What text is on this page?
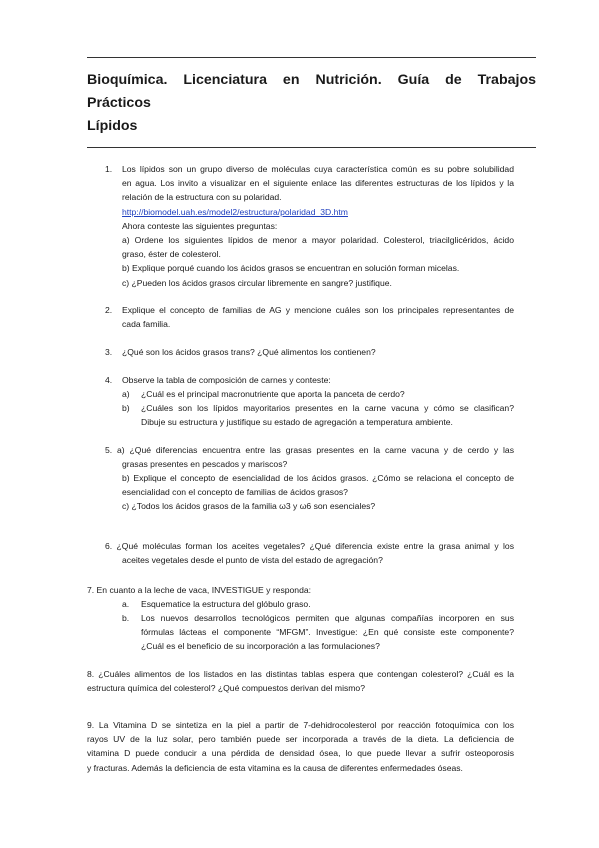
Bioquímica. Licenciatura en Nutrición. Guía de Trabajos
Prácticos
Lípidos
1. Los lípidos son un grupo diverso de moléculas cuya característica común es su pobre solubilidad
en agua. Los invito a visualizar en el siguiente enlace las diferentes estructuras de los lípidos y la
relación de la estructura con su polaridad.
http://biomodel.uah.es/model2/estructura/polaridad_3D.htm
Ahora conteste las siguientes preguntas:
a) Ordene los siguientes lípidos de menor a mayor polaridad. Colesterol, triacilglicéridos, ácido
graso, éster de colesterol.
b) Explique porqué cuando los ácidos grasos se encuentran en solución forman micelas.
c) ¿Pueden los ácidos grasos circular libremente en sangre? justifique.
2. Explique el concepto de familias de AG y mencione cuáles son los principales representantes de
cada familia.
3. ¿Qué son los ácidos grasos trans? ¿Qué alimentos los contienen?
4. Observe la tabla de composición de carnes y conteste:
a) ¿Cuál es el principal macronutriente que aporta la panceta de cerdo?
b) ¿Cuáles son los lípidos mayoritarios presentes en la carne vacuna y cómo se clasifican?
Dibuje su estructura y justifique su estado de agregación a temperatura ambiente.
5. a) ¿Qué diferencias encuentra entre las grasas presentes en la carne vacuna y de cerdo y las
grasas presentes en pescados y mariscos?
b) Explique el concepto de esencialidad de los ácidos grasos. ¿Cómo se relaciona el concepto de
esencialidad con el concepto de familias de ácidos grasos?
c) ¿Todos los ácidos grasos de la familia ω3 y ω6 son esenciales?
6. ¿Qué moléculas forman los aceites vegetales? ¿Qué diferencia existe entre la grasa animal y los
aceites vegetales desde el punto de vista del estado de agregación?
7. En cuanto a la leche de vaca, INVESTIGUE y responda:
a. Esquematice la estructura del glóbulo graso.
b. Los nuevos desarrollos tecnológicos permiten que algunas compañías incorporen en sus
fórmulas lácteas el componente “MFGM”. Investigue: ¿En qué consiste este componente?
¿Cuál es el beneficio de su incorporación a las formulaciones?
8. ¿Cuáles alimentos de los listados en las distintas tablas espera que contengan colesterol? ¿Cuál es la
estructura química del colesterol? ¿Qué compuestos derivan del mismo?
9. La Vitamina D se sintetiza en la piel a partir de 7-dehidrocolesterol por reacción fotoquímica con los
rayos UV de la luz solar, pero también puede ser incorporada a través de la dieta. La deficiencia de
vitamina D puede conducir a una pérdida de densidad ósea, lo que puede llevar a sufrir osteoporosis
y fracturas. Además la deficiencia de esta vitamina es la causa de diferentes enfermedades óseas.
